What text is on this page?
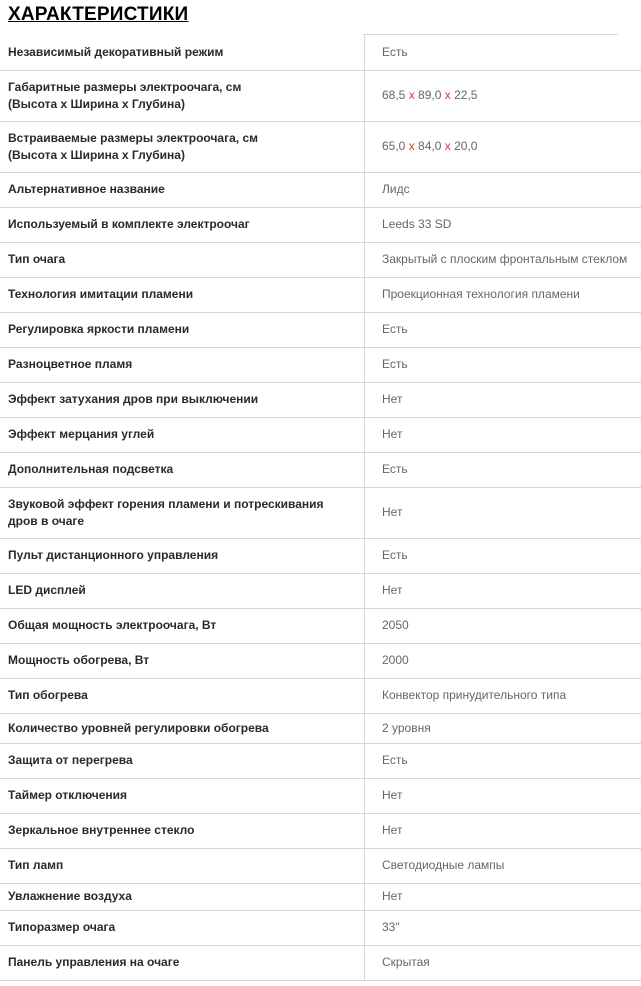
ХАРАКТЕРИСТИКИ
Независимый декоративный режим	Есть

Габаритные размеры электроочага, см
(Высота x Ширина x Глубина)	68,5 x 89,0 x 22,5

Встраиваемые размеры электроочага, см
(Высота x Ширина x Глубина)	65,0 x 84,0 x 20,0

Альтернативное название	Лидс

Используемый в комплекте электроочаг	Leeds 33 SD

Тип очага	Закрытый с плоским фронтальным стеклом

Технология имитации пламени	Проекционная технология пламени

Регулировка яркости пламени	Есть

Разноцветное пламя	Есть

Эффект затухания дров при выключении	Нет

Эффект мерцания углей	Нет

Дополнительная подсветка	Есть

Звуковой эффект горения пламени и потрескивания
дров в очаге	Нет

Пульт дистанционного управления	Есть

LED дисплей	Нет

Общая мощность электроочага, Вт	2050

Мощность обогрева, Вт	2000

Тип обогрева	Конвектор принудительного типа

Количество уровней регулировки обогрева	2 уровня

Защита от перегрева	Есть

Таймер отключения	Нет

Зеркальное внутреннее стекло	Нет

Тип ламп	Светодиодные лампы

Увлажнение воздуха	Нет

Типоразмер очага	33"

Панель управления на очаге	Скрытая
